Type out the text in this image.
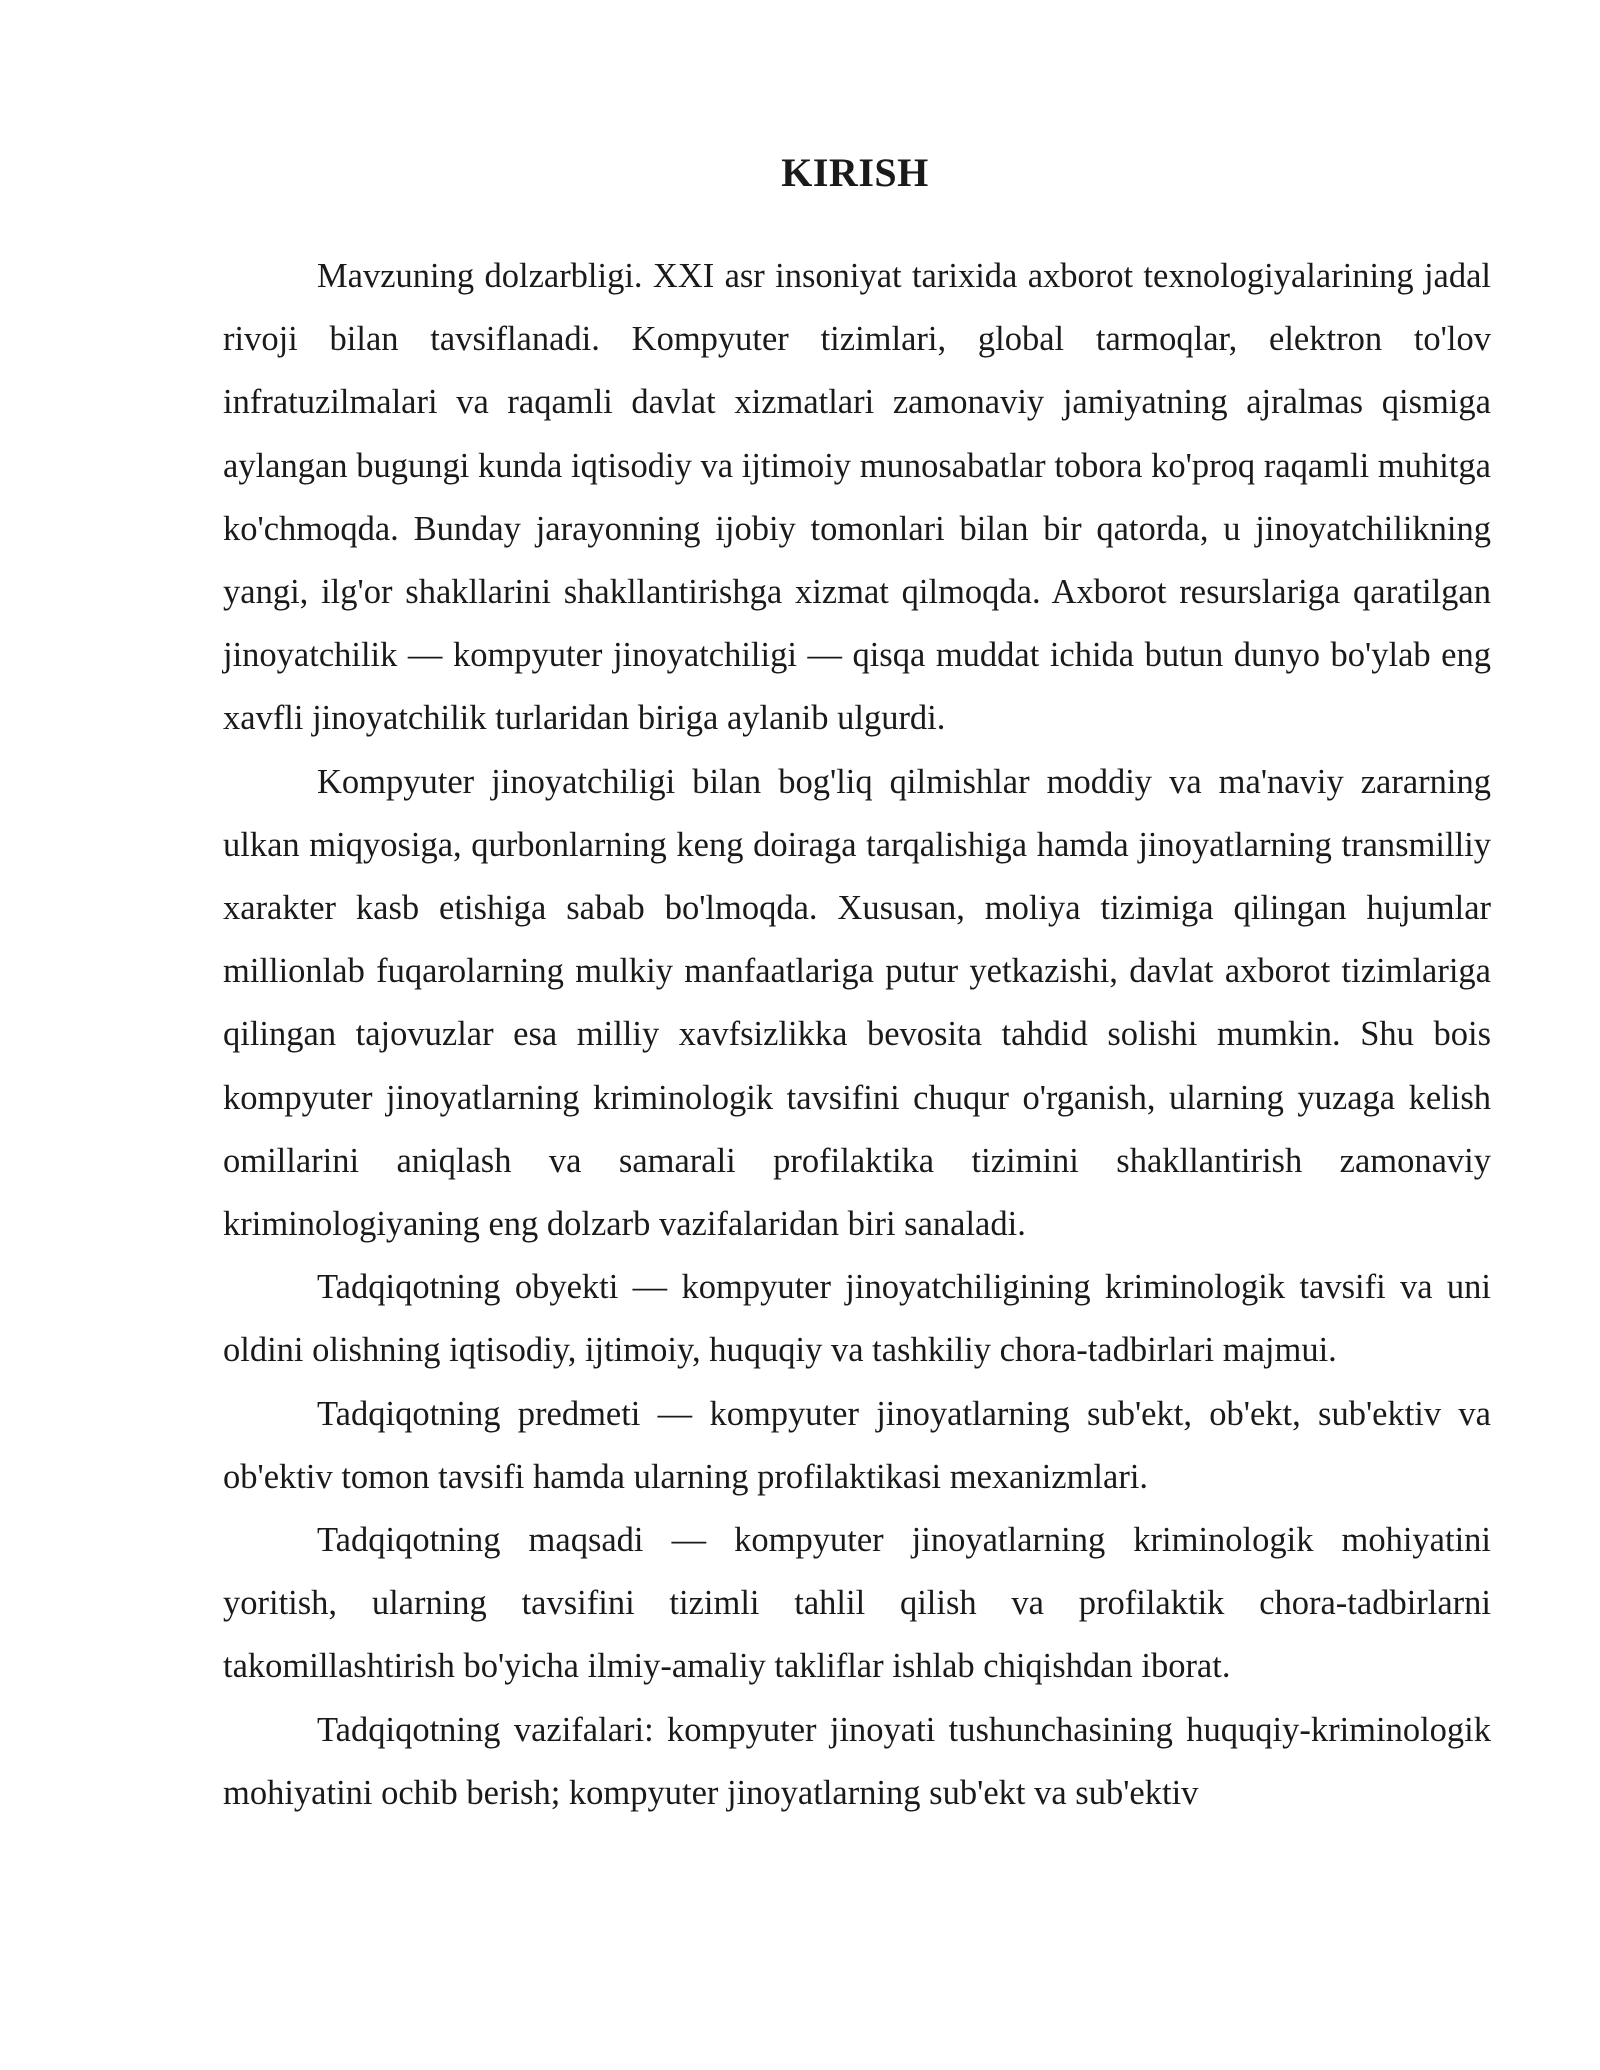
KIRISH

Mavzuning dolzarbligi. XXI asr insoniyat tarixida axborot texnologiyalarining jadal rivoji bilan tavsiflanadi. Kompyuter tizimlari, global tarmoqlar, elektron to'lov infratuzilmalari va raqamli davlat xizmatlari zamonaviy jamiyatning ajralmas qismiga aylangan bugungi kunda iqtisodiy va ijtimoiy munosabatlar tobora ko'proq raqamli muhitga ko'chmoqda. Bunday jarayonning ijobiy tomonlari bilan bir qatorda, u jinoyatchilikning yangi, ilg'or shakllarini shakllantirishga xizmat qilmoqda. Axborot resurslariga qaratilgan jinoyatchilik — kompyuter jinoyatchiligi — qisqa muddat ichida butun dunyo bo'ylab eng xavfli jinoyatchilik turlaridan biriga aylanib ulgurdi.

Kompyuter jinoyatchiligi bilan bog'liq qilmishlar moddiy va ma'naviy zararning ulkan miqyosiga, qurbonlarning keng doiraga tarqalishiga hamda jinoyatlarning transmilliy xarakter kasb etishiga sabab bo'lmoqda. Xususan, moliya tizimiga qilingan hujumlar millionlab fuqarolarning mulkiy manfaatlariga putur yetkazishi, davlat axborot tizimlariga qilingan tajovuzlar esa milliy xavfsizlikka bevosita tahdid solishi mumkin. Shu bois kompyuter jinoyatlarning kriminologik tavsifini chuqur o'rganish, ularning yuzaga kelish omillarini aniqlash va samarali profilaktika tizimini shakllantirish zamonaviy kriminologiyaning eng dolzarb vazifalaridan biri sanaladi.

Tadqiqotning obyekti — kompyuter jinoyatchiligining kriminologik tavsifi va uni oldini olishning iqtisodiy, ijtimoiy, huquqiy va tashkiliy chora-tadbirlari majmui.

Tadqiqotning predmeti — kompyuter jinoyatlarning sub'ekt, ob'ekt, sub'ektiv va ob'ektiv tomon tavsifi hamda ularning profilaktikasi mexanizmlari.

Tadqiqotning maqsadi — kompyuter jinoyatlarning kriminologik mohiyatini yoritish, ularning tavsifini tizimli tahlil qilish va profilaktik chora-tadbirlarni takomillashtirish bo'yicha ilmiy-amaliy takliflar ishlab chiqishdan iborat.

Tadqiqotning vazifalari: kompyuter jinoyati tushunchasining huquqiy-kriminologik mohiyatini ochib berish; kompyuter jinoyatlarning sub'ekt va sub'ektiv
